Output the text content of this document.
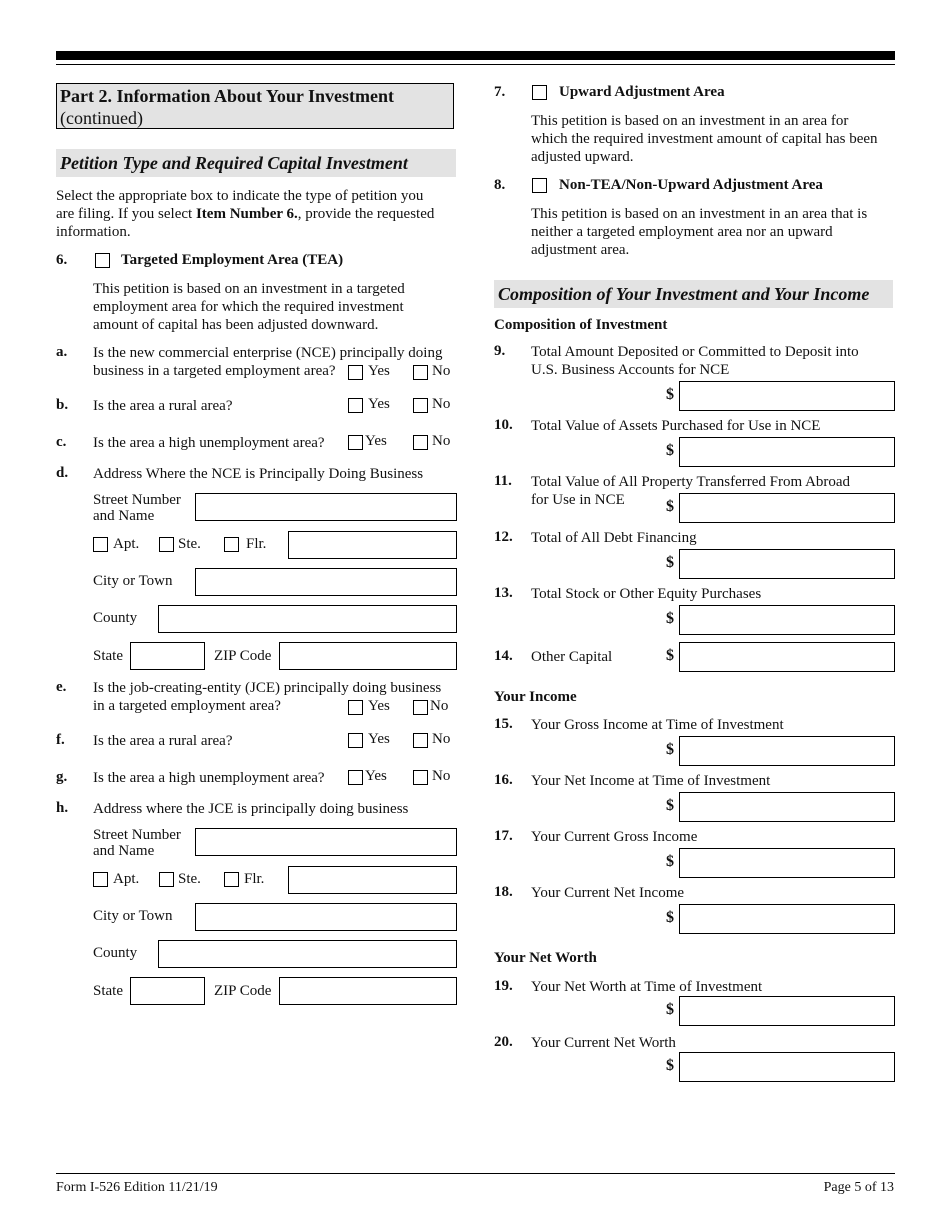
Part 2. Information About Your Investment
(continued)
Petition Type and Required Capital Investment
Select the appropriate box to indicate the type of petition you
are filing. If you select Item Number 6., provide the requested
information.
6.	Targeted Employment Area (TEA)
This petition is based on an investment in a targeted
employment area for which the required investment
amount of capital has been adjusted downward.
a. Is the new commercial enterprise (NCE) principally doing
business in a targeted employment area? Yes	No
b. Is the area a rural area?	Yes	No
c. Is the area a high unemployment area?	Yes	No
d. Address Where the NCE is Principally Doing Business
Street Number
and Name
Apt.	Ste.	Flr.
City or Town
County
State	ZIP Code
e. Is the job-creating-entity (JCE) principally doing business
in a targeted employment area?	Yes	No
f. Is the area a rural area?	Yes	No
g. Is the area a high unemployment area?	Yes	No
h. Address where the JCE is principally doing business
Street Number
and Name
Apt.	Ste.	Flr.
City or Town
County
State	ZIP Code
7.	Upward Adjustment Area
This petition is based on an investment in an area for
which the required investment amount of capital has been
adjusted upward.
8.	Non-TEA/Non-Upward Adjustment Area
This petition is based on an investment in an area that is
neither a targeted employment area nor an upward
adjustment area.
Composition of Your Investment and Your Income
Composition of Investment
9. Total Amount Deposited or Committed to Deposit into
U.S. Business Accounts for NCE
$
10. Total Value of Assets Purchased for Use in NCE
$
11. Total Value of All Property Transferred From Abroad
for Use in NCE	$
12. Total of All Debt Financing
$
13. Total Stock or Other Equity Purchases
$
14. Other Capital	$
Your Income
15. Your Gross Income at Time of Investment
$
16. Your Net Income at Time of Investment
$
17. Your Current Gross Income
$
18. Your Current Net Income
$
Your Net Worth
19. Your Net Worth at Time of Investment
$
20. Your Current Net Worth
$
Form I-526 Edition 11/21/19	Page 5 of 13
